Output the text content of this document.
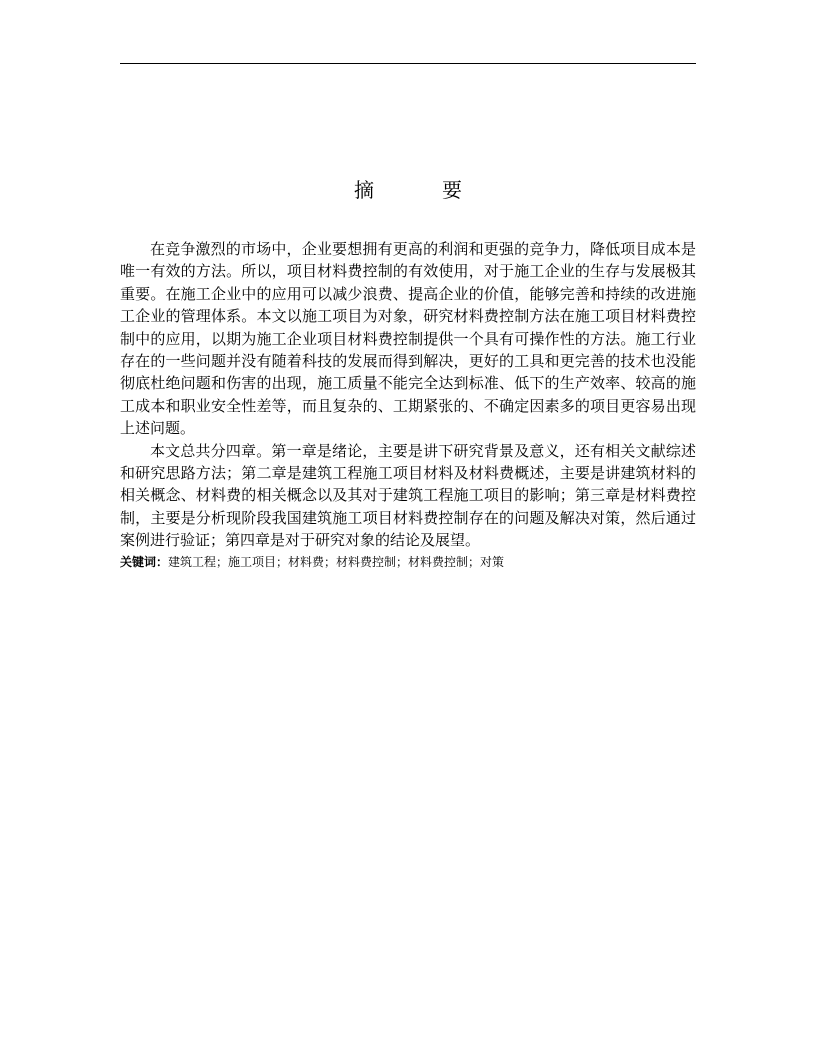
摘　要

在竞争激烈的市场中，企业要想拥有更高的利润和更强的竞争力，降低项目成本是唯一有效的方法。所以，项目材料费控制的有效使用，对于施工企业的生存与发展极其重要。在施工企业中的应用可以减少浪费、提高企业的价值，能够完善和持续的改进施工企业的管理体系。本文以施工项目为对象，研究材料费控制方法在施工项目材料费控制中的应用，以期为施工企业项目材料费控制提供一个具有可操作性的方法。施工行业存在的一些问题并没有随着科技的发展而得到解决，更好的工具和更完善的技术也没能彻底杜绝问题和伤害的出现，施工质量不能完全达到标准、低下的生产效率、较高的施工成本和职业安全性差等，而且复杂的、工期紧张的、不确定因素多的项目更容易出现上述问题。

本文总共分四章。第一章是绪论，主要是讲下研究背景及意义，还有相关文献综述和研究思路方法；第二章是建筑工程施工项目材料及材料费概述，主要是讲建筑材料的相关概念、材料费的相关概念以及其对于建筑工程施工项目的影响；第三章是材料费控制，主要是分析现阶段我国建筑施工项目材料费控制存在的问题及解决对策，然后通过案例进行验证；第四章是对于研究对象的结论及展望。

关键词：建筑工程；施工项目；材料费；材料费控制；材料费控制；对策
